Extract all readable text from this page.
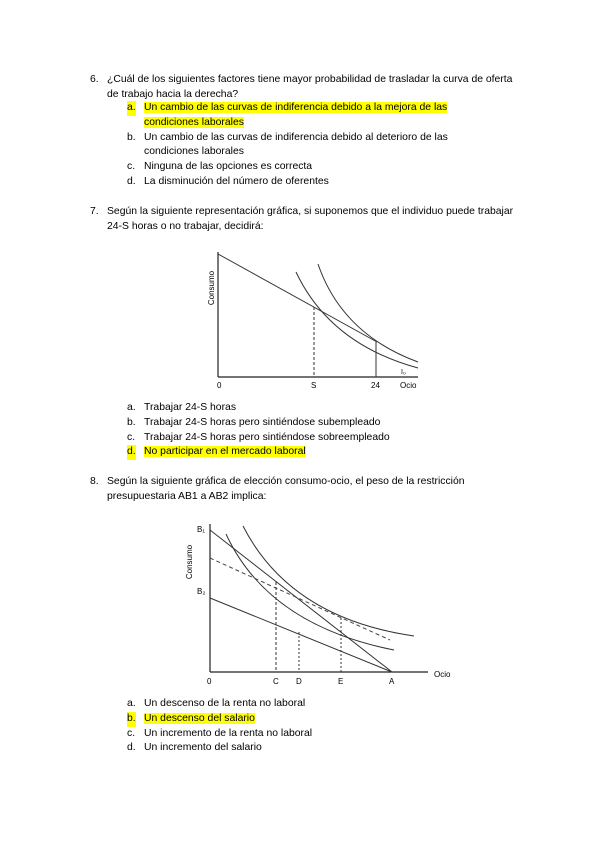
6. ¿Cuál de los siguientes factores tiene mayor probabilidad de trasladar la curva de oferta de trabajo hacia la derecha?
a. Un cambio de las curvas de indiferencia debido a la mejora de las
condiciones laborales
b. Un cambio de las curvas de indiferencia debido al deterioro de las
condiciones laborales
c. Ninguna de las opciones es correcta
d. La disminución del número de oferentes
7. Según la siguiente representación gráfica, si suponemos que el individuo puede trabajar 24-S horas o no trabajar, decidirá:
Consumo
0	S	24	Ocio
I₀
a. Trabajar 24-S horas
b. Trabajar 24-S horas pero sintiéndose subempleado
c. Trabajar 24-S horas pero sintiéndose sobreempleado
d. No participar en el mercado laboral
8. Según la siguiente gráfica de elección consumo-ocio, el peso de la restricción presupuestaria AB1 a AB2 implica:
B₁
B₂
Consumo
0	C D	E	A
Ocio
a. Un descenso de la renta no laboral
b. Un descenso del salario
c. Un incremento de la renta no laboral
d. Un incremento del salario
